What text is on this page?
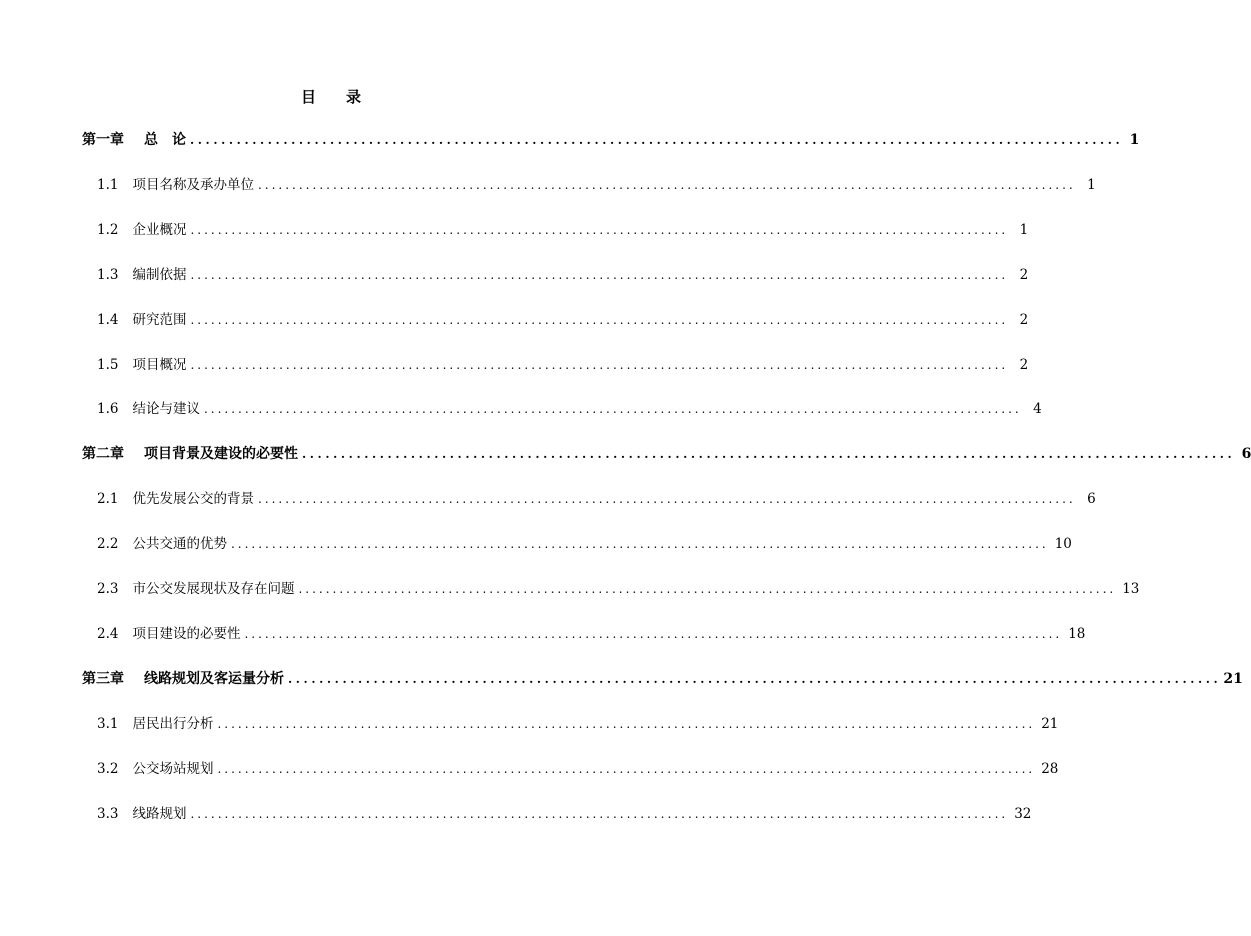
目 录
第一章 总　论 ........................................................................................................................ 1
1.1 项目名称及承办单位 ........................................................................................................................ 1
1.2 企业概况 ........................................................................................................................ 1
1.3 编制依据 ........................................................................................................................ 2
1.4 研究范围 ........................................................................................................................ 2
1.5 项目概况 ........................................................................................................................ 2
1.6 结论与建议 ........................................................................................................................ 4
第二章 项目背景及建设的必要性 ........................................................................................................................ 6
2.1 优先发展公交的背景 ........................................................................................................................ 6
2.2 公共交通的优势 ........................................................................................................................ 10
2.3 市公交发展现状及存在问题 ........................................................................................................................ 13
2.4 项目建设的必要性 ........................................................................................................................ 18
第三章 线路规划及客运量分析 ........................................................................................................................ 21
3.1 居民出行分析 ........................................................................................................................ 21
3.2 公交场站规划 ........................................................................................................................ 28
3.3 线路规划 ........................................................................................................................ 32
